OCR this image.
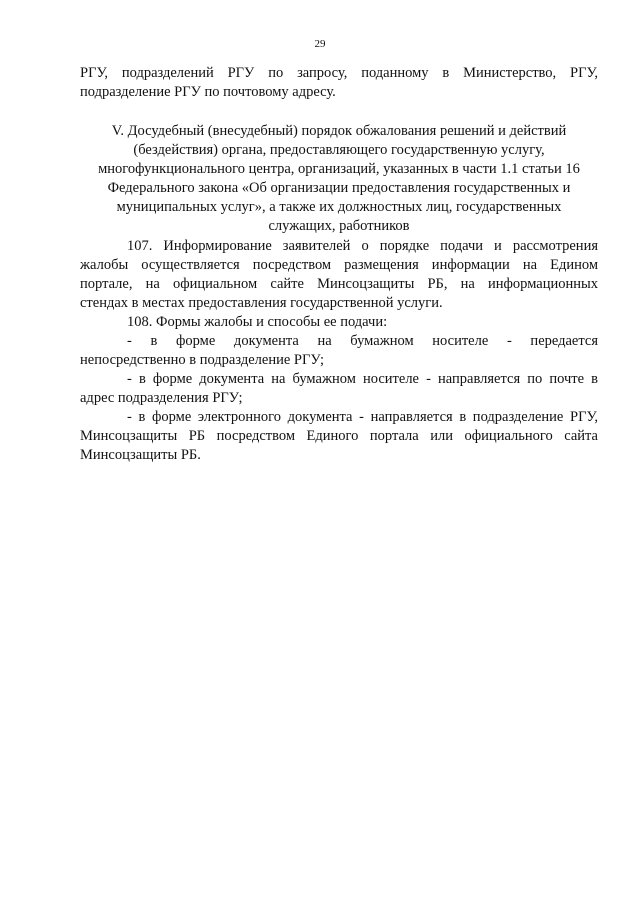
29
РГУ, подразделений РГУ по запросу, поданному в Министерство, РГУ,
подразделение РГУ по почтовому адресу.
V. Досудебный (внесудебный) порядок обжалования решений и действий
(бездействия) органа, предоставляющего государственную услугу,
многофункционального центра, организаций, указанных в части 1.1 статьи 16
Федерального закона «Об организации предоставления государственных и
муниципальных услуг», а также их должностных лиц, государственных
служащих, работников
107. Информирование заявителей о порядке подачи и рассмотрения
жалобы осуществляется посредством размещения информации на Едином
портале, на официальном сайте Минсоцзащиты РБ, на информационных
стендах в местах предоставления государственной услуги.
108. Формы жалобы и способы ее подачи:
- в форме документа на бумажном носителе - передается
непосредственно в подразделение РГУ;
- в форме документа на бумажном носителе - направляется по почте в
адрес подразделения РГУ;
- в форме электронного документа - направляется в подразделение РГУ,
Минсоцзащиты РБ посредством Единого портала или официального сайта
Минсоцзащиты РБ.
